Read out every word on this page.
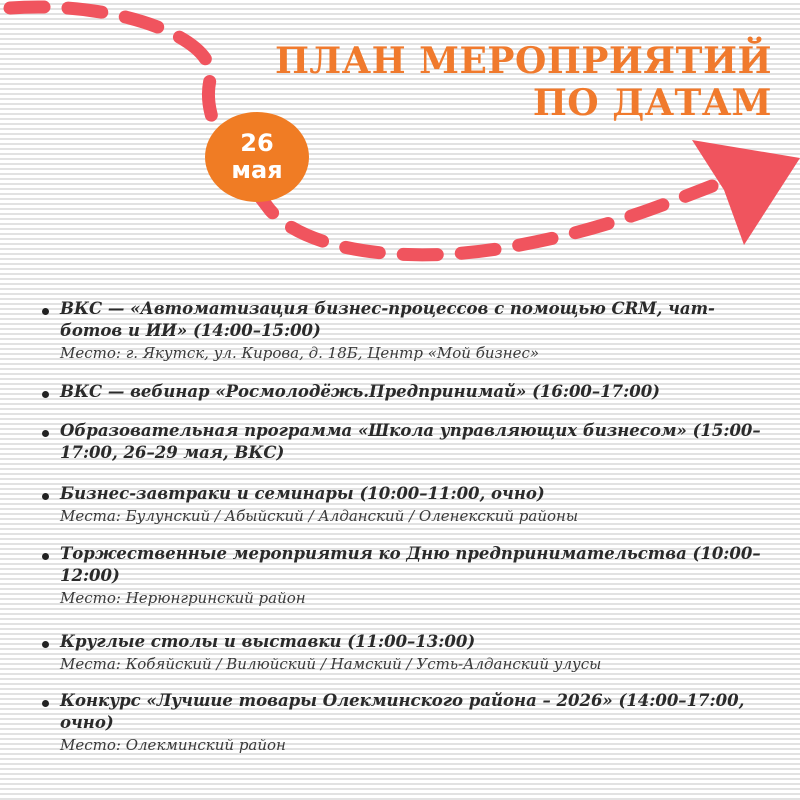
ПЛАН МЕРОПРИЯТИЙ
ПО ДАТАМ
26
мая
ВКС — «Автоматизация бизнес-процессов с помощью CRM, чат-ботов и ИИ» (14:00–15:00)
Место: г. Якутск, ул. Кирова, д. 18Б, Центр «Мой бизнес»
ВКС — вебинар «Росмолодёжь.Предпринимай» (16:00–17:00)
Образовательная программа «Школа управляющих бизнесом» (15:00–17:00, 26–29 мая, ВКС)
Бизнес-завтраки и семинары (10:00–11:00, очно)
Места: Булунский / Абыйский / Алданский / Оленекский районы
Торжественные мероприятия ко Дню предпринимательства (10:00–12:00)
Место: Нерюнгринский район
Круглые столы и выставки (11:00–13:00)
Места: Кобяйский / Вилюйский / Намский / Усть-Алданский улусы
Конкурс «Лучшие товары Олекминского района – 2026» (14:00–17:00, очно)
Место: Олекминский район
